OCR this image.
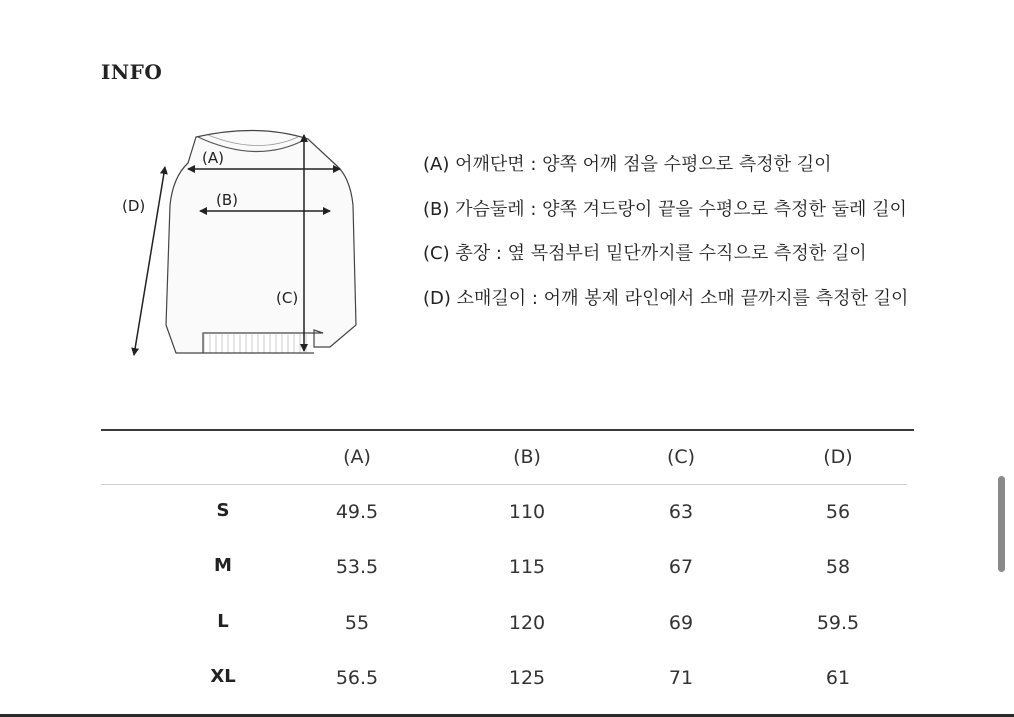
INFO
(A)
(B)
(C)
(D)
(A) 어깨단면 : 양쪽 어깨 점을 수평으로 측정한 길이
(B) 가슴둘레 : 양쪽 겨드랑이 끝을 수평으로 측정한 둘레 길이
(C) 총장 : 옆 목점부터 밑단까지를 수직으로 측정한 길이
(D) 소매길이 : 어깨 봉제 라인에서 소매 끝까지를 측정한 길이
(A)	(B)	(C)	(D)
S	49.5	110	63	56
M	53.5	115	67	58
L	55	120	69	59.5
XL	56.5	125	71	61
